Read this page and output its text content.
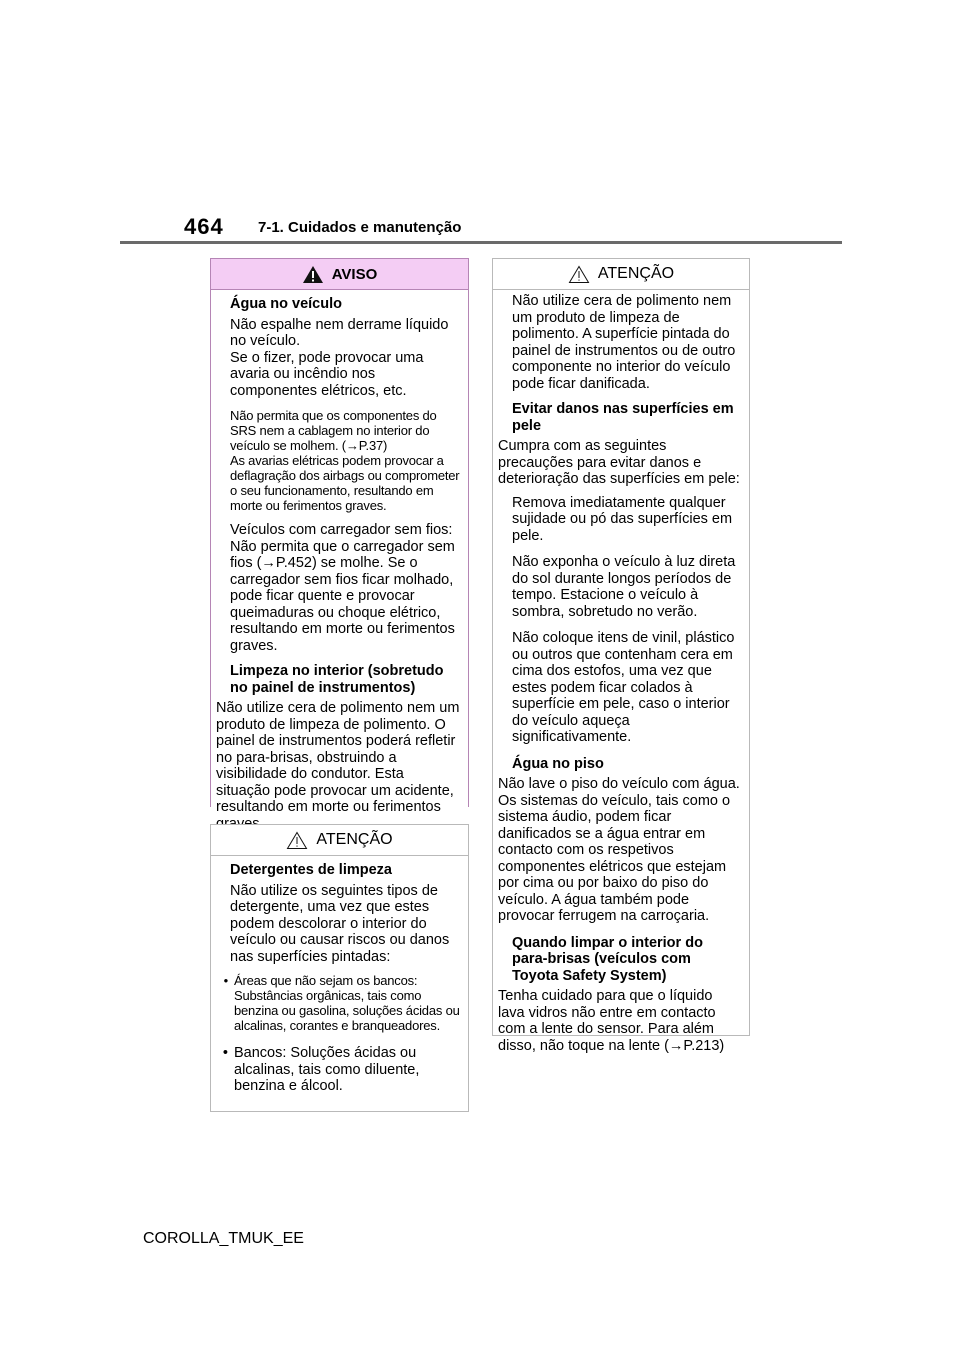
464 7-1. Cuidados e manutenção
AVISO
Água no veículo
Não espalhe nem derrame líquido no veículo.
Se o fizer, pode provocar uma avaria ou incêndio nos componentes elétricos, etc.
Não permita que os componentes do SRS nem a cablagem no interior do veículo se molhem. (→P.37)
As avarias elétricas podem provocar a deflagração dos airbags ou comprometer o seu funcionamento, resultando em morte ou ferimentos graves.
Veículos com carregador sem fios: Não permita que o carregador sem fios (→P.452) se molhe. Se o carregador sem fios ficar molhado, pode ficar quente e provocar queimaduras ou choque elétrico, resultando em morte ou ferimentos graves.
Limpeza no interior (sobretudo no painel de instrumentos)
Não utilize cera de polimento nem um produto de limpeza de polimento. O painel de instrumentos poderá refletir no para-brisas, obstruindo a visibilidade do condutor. Esta situação pode provocar um acidente, resultando em morte ou ferimentos
ATENÇÃO
Detergentes de limpeza
Não utilize os seguintes tipos de detergente, uma vez que estes podem descolorar o interior do veículo ou causar riscos ou danos nas superfícies pintadas:
• Áreas que não sejam os bancos: Substâncias orgânicas, tais como benzina ou gasolina, soluções ácidas ou alcalinas, corantes e branqueadores.
• Bancos: Soluções ácidas ou alcalinas, tais como diluente, benzina e álcool.
ATENÇÃO
Não utilize cera de polimento nem um produto de limpeza de polimento. A superfície pintada do painel de instrumentos ou de outro componente no interior do veículo pode ficar danificada.
Evitar danos nas superfícies em pele
Cumpra com as seguintes precauções para evitar danos e deterioração das superfícies em pele:
Remova imediatamente qualquer sujidade ou pó das superfícies em pele.
Não exponha o veículo à luz direta do sol durante longos períodos de tempo. Estacione o veículo à sombra, sobretudo no verão.
Não coloque itens de vinil, plástico ou outros que contenham cera em cima dos estofos, uma vez que estes podem ficar colados à superfície em pele, caso o interior do veículo aqueça significativamente.
Água no piso
Não lave o piso do veículo com água. Os sistemas do veículo, tais como o sistema áudio, podem ficar danificados se a água entrar em contacto com os respetivos componentes elétricos que estejam por cima ou por baixo do piso do veículo. A água também pode provocar ferrugem na carroçaria.
Quando limpar o interior do para-brisas (veículos com Toyota Safety System)
Tenha cuidado para que o líquido lava vidros não entre em contacto com a lente do sensor. Para além disso, não toque na lente (→P.213)
COROLLA_TMUK_EE
